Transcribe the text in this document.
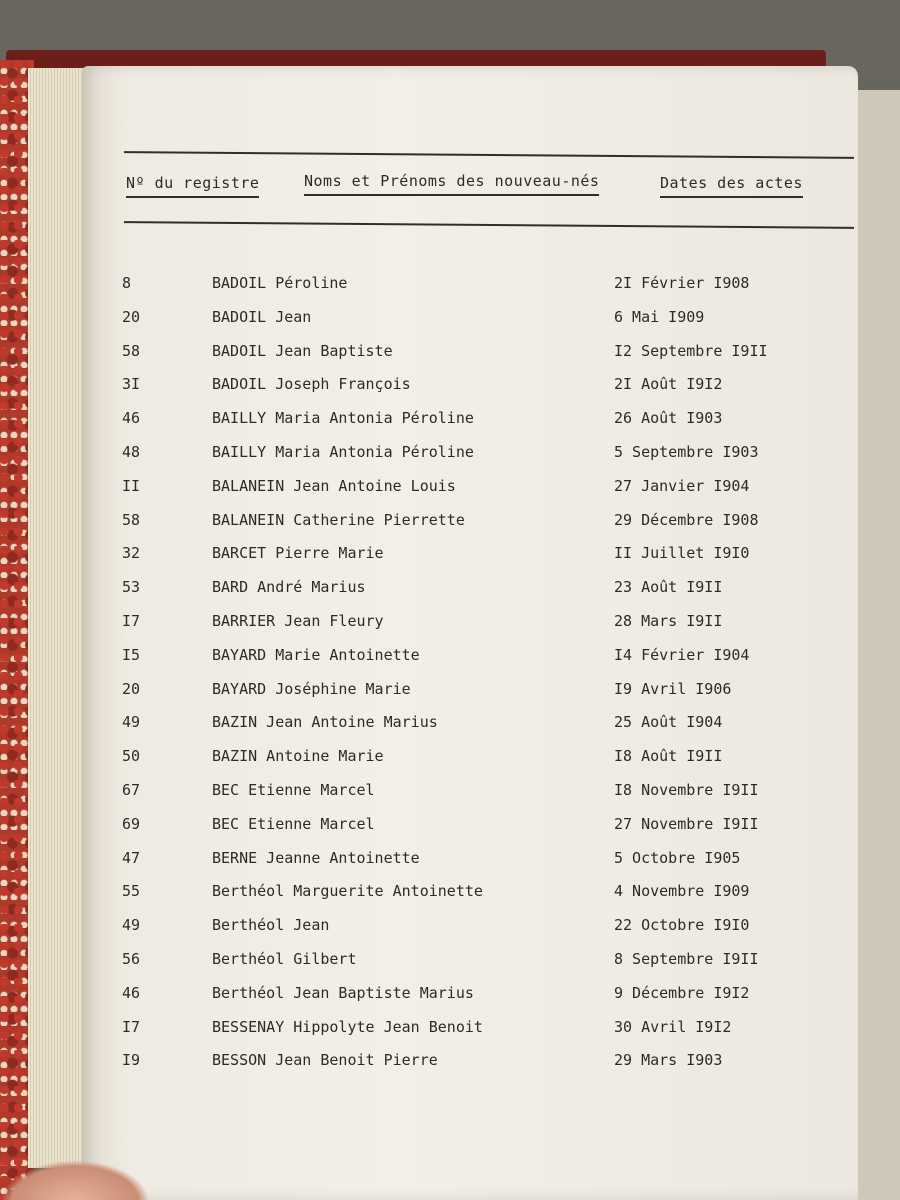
Nº du registre	Noms et Prénoms des nouveau-nés	Dates des actes
8	BADOIL Péroline	2I Février I908
20	BADOIL Jean	6 Mai I909
58	BADOIL Jean Baptiste	I2 Septembre I9II
3I	BADOIL Joseph François	2I Août I9I2
46	BAILLY Maria Antonia Péroline	26 Août I903
48	BAILLY Maria Antonia Péroline	5 Septembre I903
II	BALANEIN Jean Antoine Louis	27 Janvier I904
58	BALANEIN Catherine Pierrette	29 Décembre I908
32	BARCET Pierre Marie	II Juillet I9I0
53	BARD André Marius	23 Août I9II
I7	BARRIER Jean Fleury	28 Mars I9II
I5	BAYARD Marie Antoinette	I4 Février I904
20	BAYARD Joséphine Marie	I9 Avril I906
49	BAZIN Jean Antoine Marius	25 Août I904
50	BAZIN Antoine Marie	I8 Août I9II
67	BEC Etienne Marcel	I8 Novembre I9II
69	BEC Etienne Marcel	27 Novembre I9II
47	BERNE Jeanne Antoinette	5 Octobre I905
55	Berthéol Marguerite Antoinette	4 Novembre I909
49	Berthéol Jean	22 Octobre I9I0
56	Berthéol Gilbert	8 Septembre I9II
46	Berthéol Jean Baptiste Marius	9 Décembre I9I2
I7	BESSENAY Hippolyte Jean Benoit	30 Avril I9I2
I9	BESSON Jean Benoit Pierre	29 Mars I903
